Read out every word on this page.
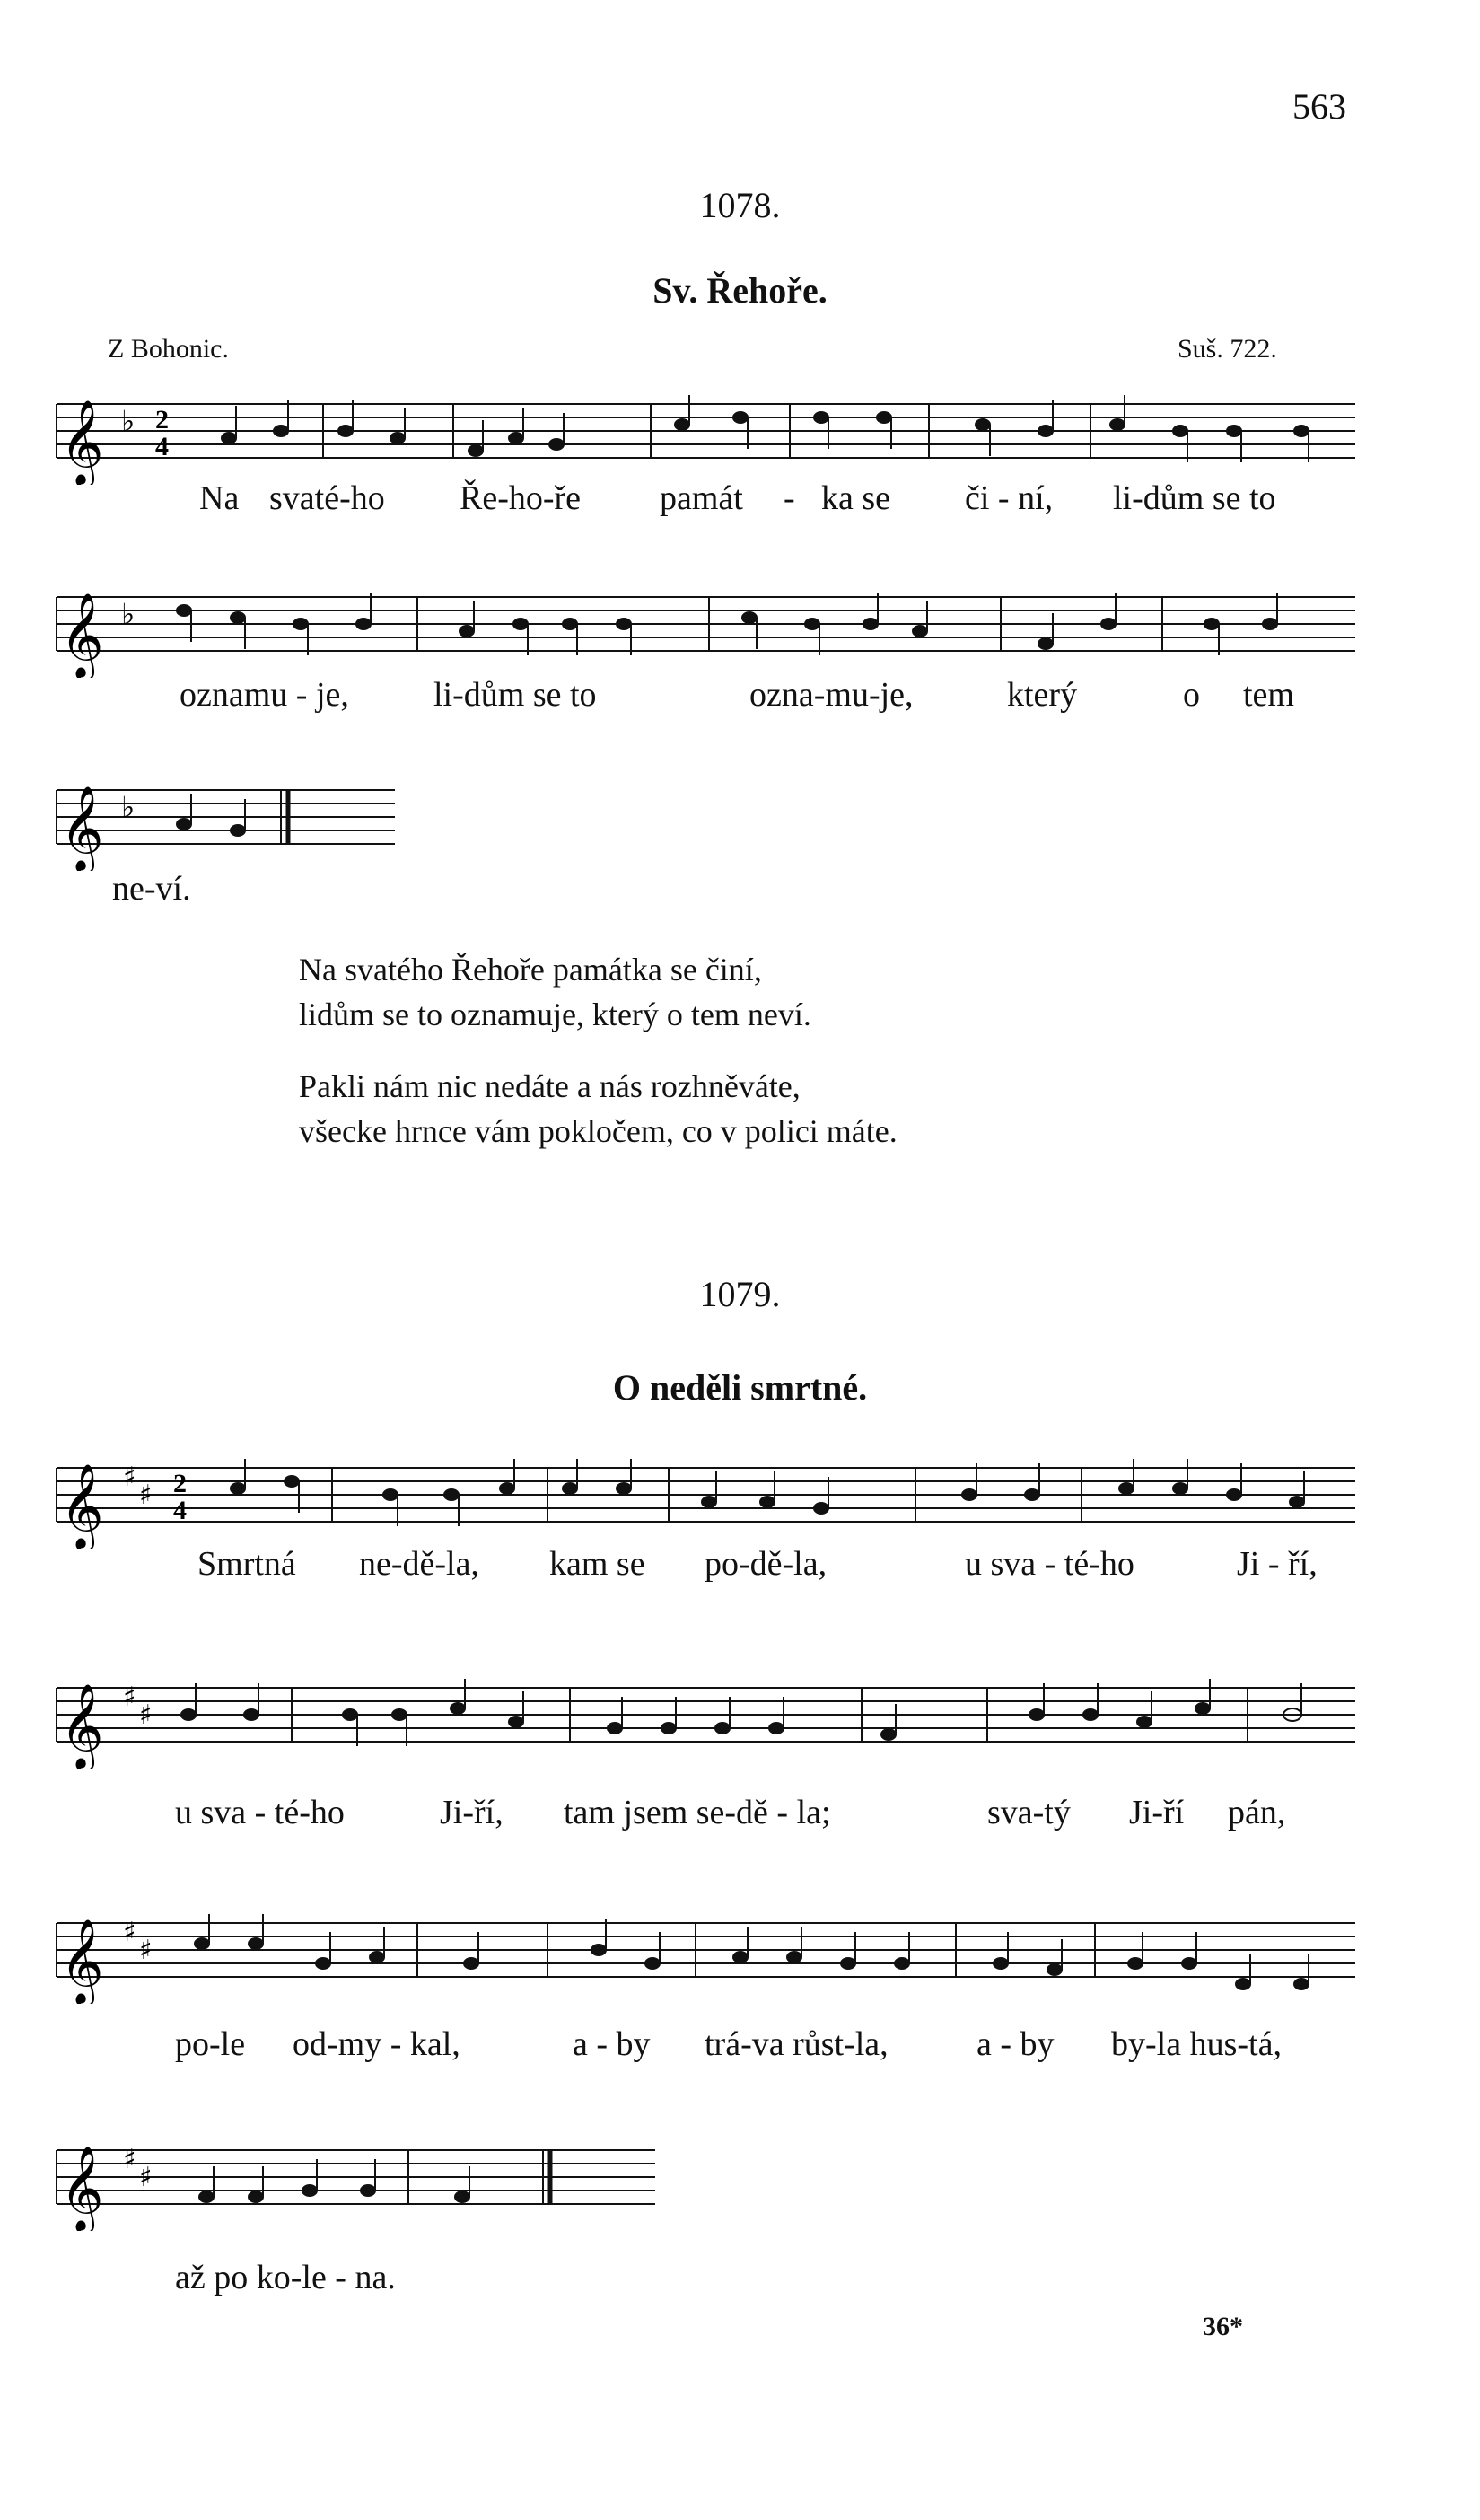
563
1078.
Sv. Řehoře.
Z Bohonic.	Suš. 722.
𝄞 ♭ 2
4
Na svaté-ho Ře-ho-ře památ - ka se či - ní, li-dům se to
𝄞 ♭
oznamu - je, li-dům se to	ozna-mu-je,	který	o tem
𝄞 ♭
ne-ví.
Na svatého Řehoře památka se činí,
lidům se to oznamuje, který o tem neví.
Pakli nám nic nedáte a nás rozhněváte,
všecke hrnce vám pokločem, co v polici máte.
1079.
O neděli smrtné.
𝄞 ♯
♯ 2
4
Smrtná ne-dě-la, kam se po-dě-la,	u sva - té-ho	Ji - ří,
𝄞 ♯
♯
u sva - té-ho	Ji-ří, tam jsem se-dě - la;	sva-tý Ji-ří pán,
𝄞 ♯
♯
po-le od-my - kal,	a - by trá-va růst-la,	a - by by-la hus-tá,
𝄞 ♯
♯
až po ko-le - na.
36*
